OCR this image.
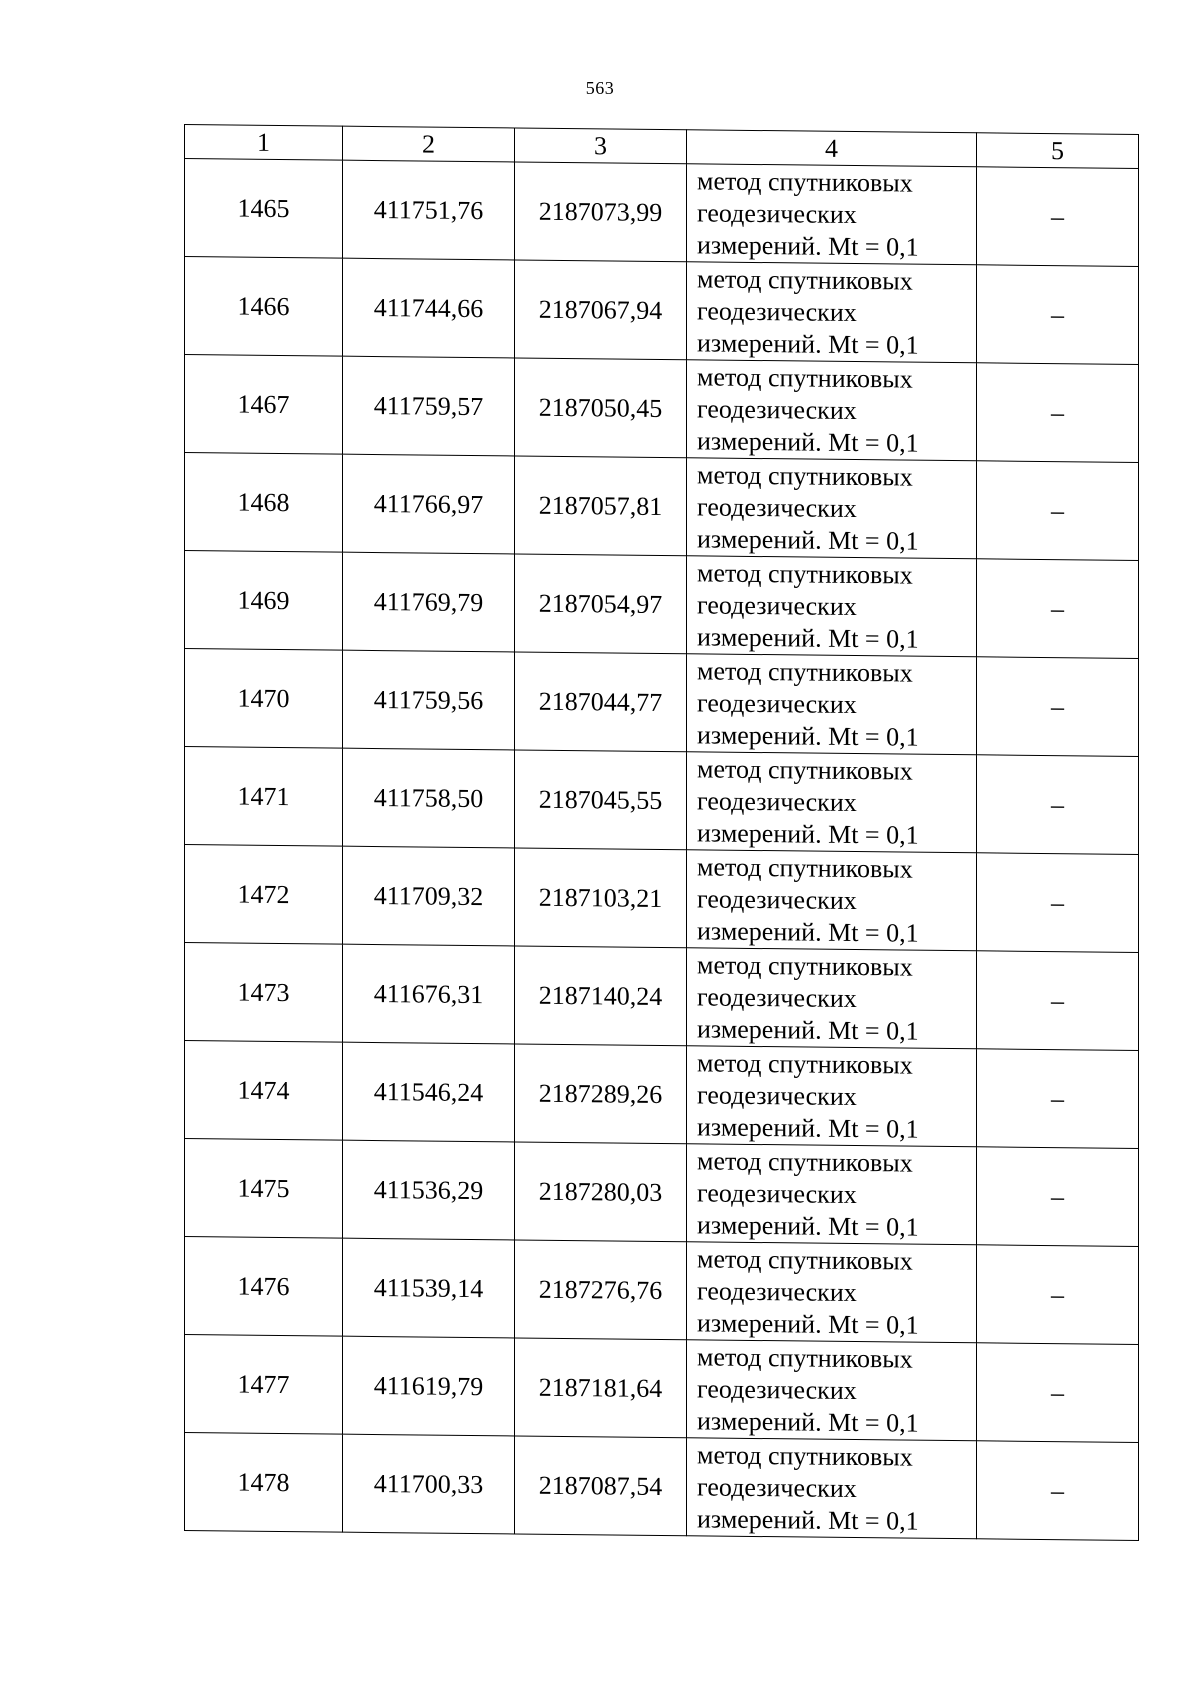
563
1	2	3	4	5
1465	411751,76	2187073,99	метод спутниковых
геодезических
измерений. Mt = 0,1	–
1466	411744,66	2187067,94	метод спутниковых
геодезических
измерений. Mt = 0,1	–
1467	411759,57	2187050,45	метод спутниковых
геодезических
измерений. Mt = 0,1	–
1468	411766,97	2187057,81	метод спутниковых
геодезических
измерений. Mt = 0,1	–
1469	411769,79	2187054,97	метод спутниковых
геодезических
измерений. Mt = 0,1	–
1470	411759,56	2187044,77	метод спутниковых
геодезических
измерений. Mt = 0,1	–
1471	411758,50	2187045,55	метод спутниковых
геодезических
измерений. Mt = 0,1	–
1472	411709,32	2187103,21	метод спутниковых
геодезических
измерений. Mt = 0,1	–
1473	411676,31	2187140,24	метод спутниковых
геодезических
измерений. Mt = 0,1	–
1474	411546,24	2187289,26	метод спутниковых
геодезических
измерений. Mt = 0,1	–
1475	411536,29	2187280,03	метод спутниковых
геодезических
измерений. Mt = 0,1	–
1476	411539,14	2187276,76	метод спутниковых
геодезических
измерений. Mt = 0,1	–
1477	411619,79	2187181,64	метод спутниковых
геодезических
измерений. Mt = 0,1	–
1478	411700,33	2187087,54	метод спутниковых
геодезических
измерений. Mt = 0,1	–
